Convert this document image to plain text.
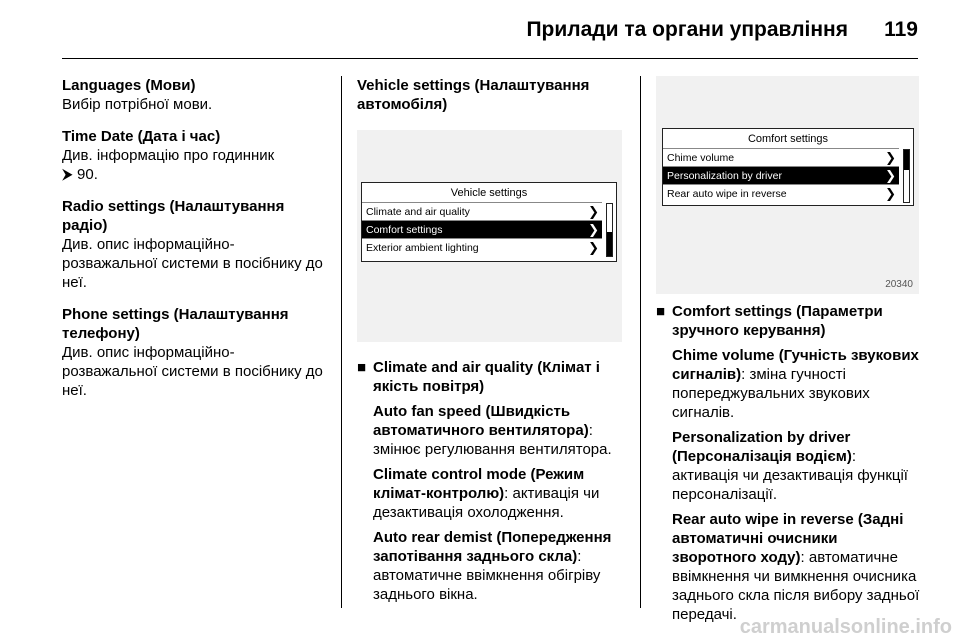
Прилади та органи управління 119
Languages (Мови)
Вибір потрібної мови.
Time Date (Дата і час)
Див. інформацію про годинник
⮞ 90.
Radio settings (Налаштування радіо)
Див. опис інформаційно-розважальної системи в посібнику до неї.
Phone settings (Налаштування телефону)
Див. опис інформаційно-розважальної системи в посібнику до неї.
Vehicle settings (Налаштування автомобіля)
Vehicle settings
Climate and air quality	❯
Comfort settings	❯
Exterior ambient lighting	❯
■ Climate and air quality (Клімат і якість повітря)
Auto fan speed (Швидкість автоматичного вентилятора): змінює регулювання вентилятора.
Climate control mode (Режим клімат-контролю): активація чи дезактивація охолодження.
Auto rear demist (Попередження запотівання заднього скла): автоматичне ввімкнення обігріву заднього вікна.
Comfort settings
Chime volume	❯
Personalization by driver	❯
Rear auto wipe in reverse	❯
20340
■ Comfort settings (Параметри зручного керування)
Chime volume (Гучність звукових сигналів): зміна гучності попереджувальних звукових сигналів.
Personalization by driver (Персоналізація водієм): активація чи дезактивація функції персоналізації.
Rear auto wipe in reverse (Задні автоматичні очисники зворотного ходу): автоматичне ввімкнення чи вимкнення очисника заднього скла після вибору задньої передачі.
carmanualsonline.info
